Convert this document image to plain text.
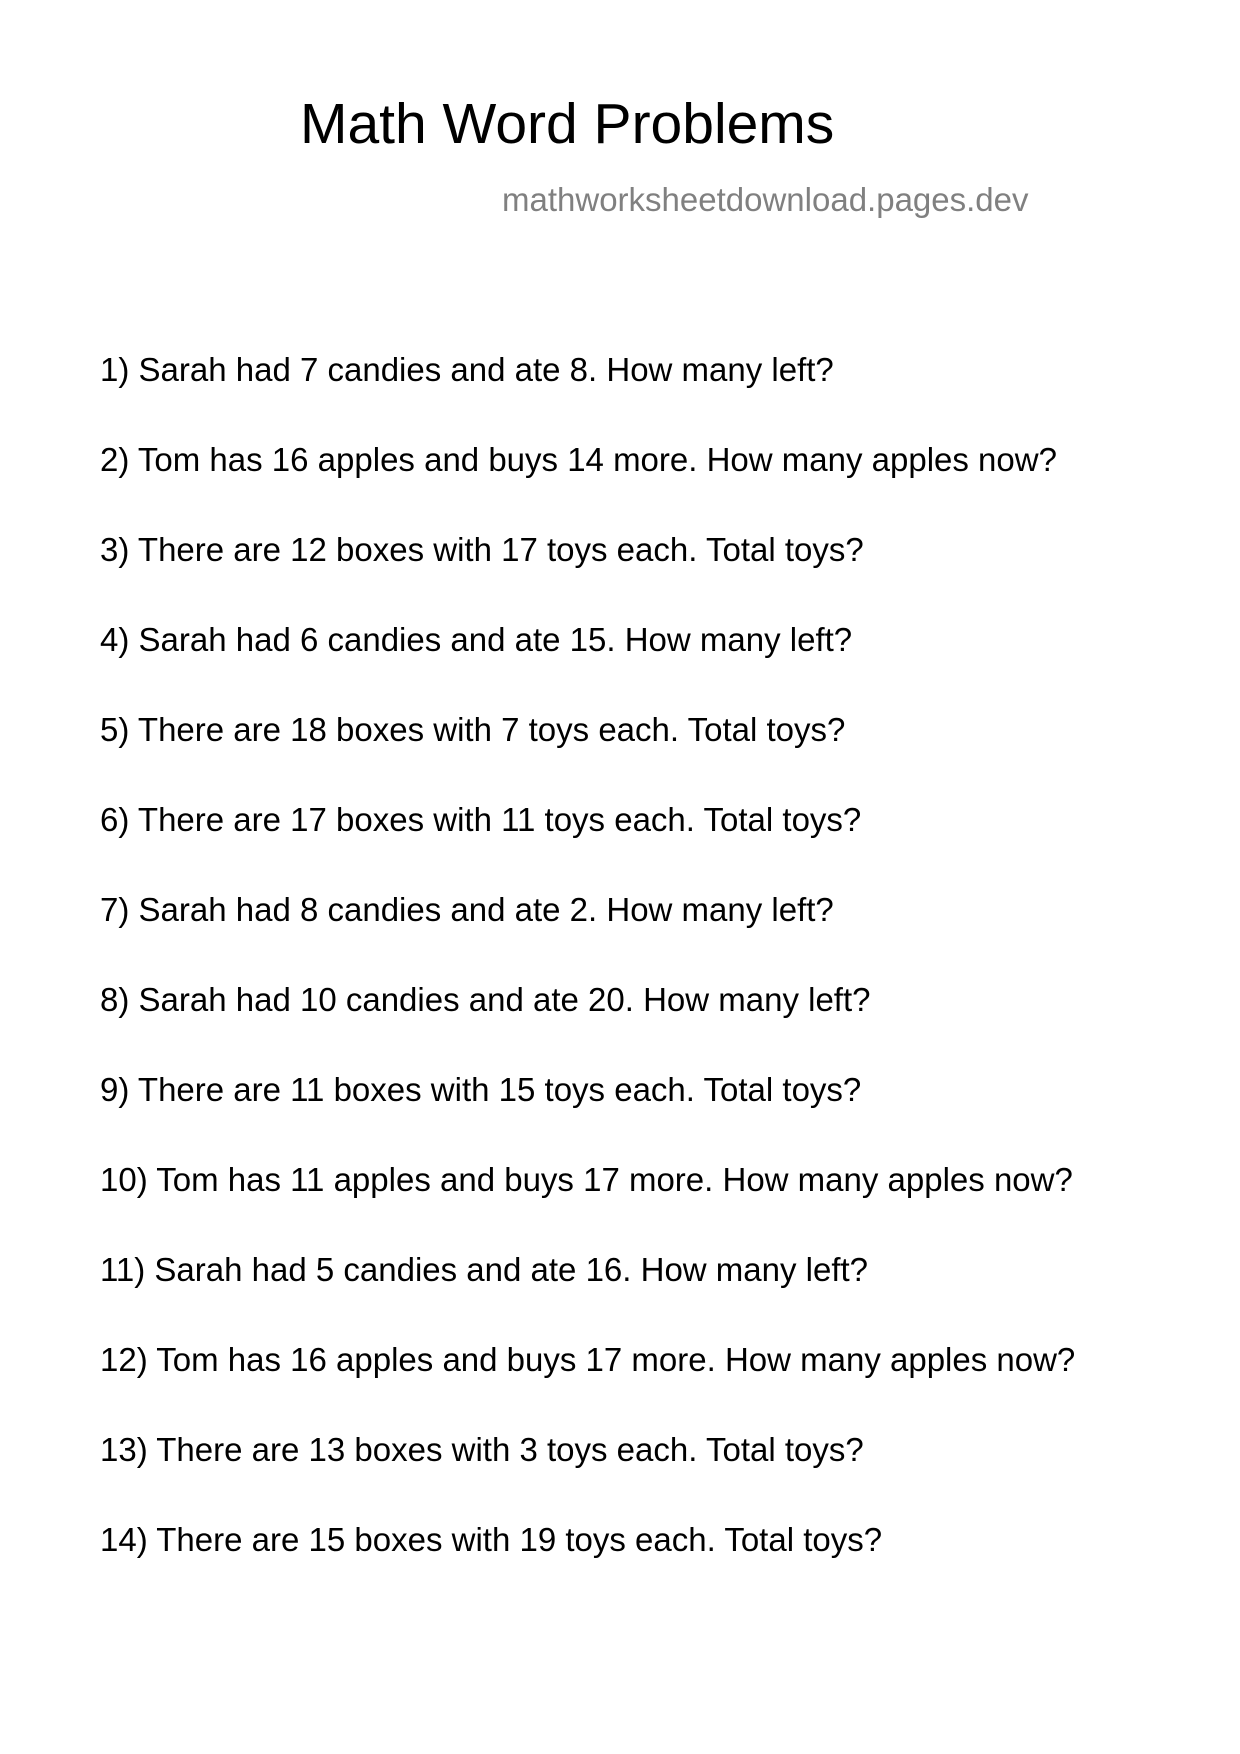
Math Word Problems
mathworksheetdownload.pages.dev
1) Sarah had 7 candies and ate 8. How many left?
2) Tom has 16 apples and buys 14 more. How many apples now?
3) There are 12 boxes with 17 toys each. Total toys?
4) Sarah had 6 candies and ate 15. How many left?
5) There are 18 boxes with 7 toys each. Total toys?
6) There are 17 boxes with 11 toys each. Total toys?
7) Sarah had 8 candies and ate 2. How many left?
8) Sarah had 10 candies and ate 20. How many left?
9) There are 11 boxes with 15 toys each. Total toys?
10) Tom has 11 apples and buys 17 more. How many apples now?
11) Sarah had 5 candies and ate 16. How many left?
12) Tom has 16 apples and buys 17 more. How many apples now?
13) There are 13 boxes with 3 toys each. Total toys?
14) There are 15 boxes with 19 toys each. Total toys?
